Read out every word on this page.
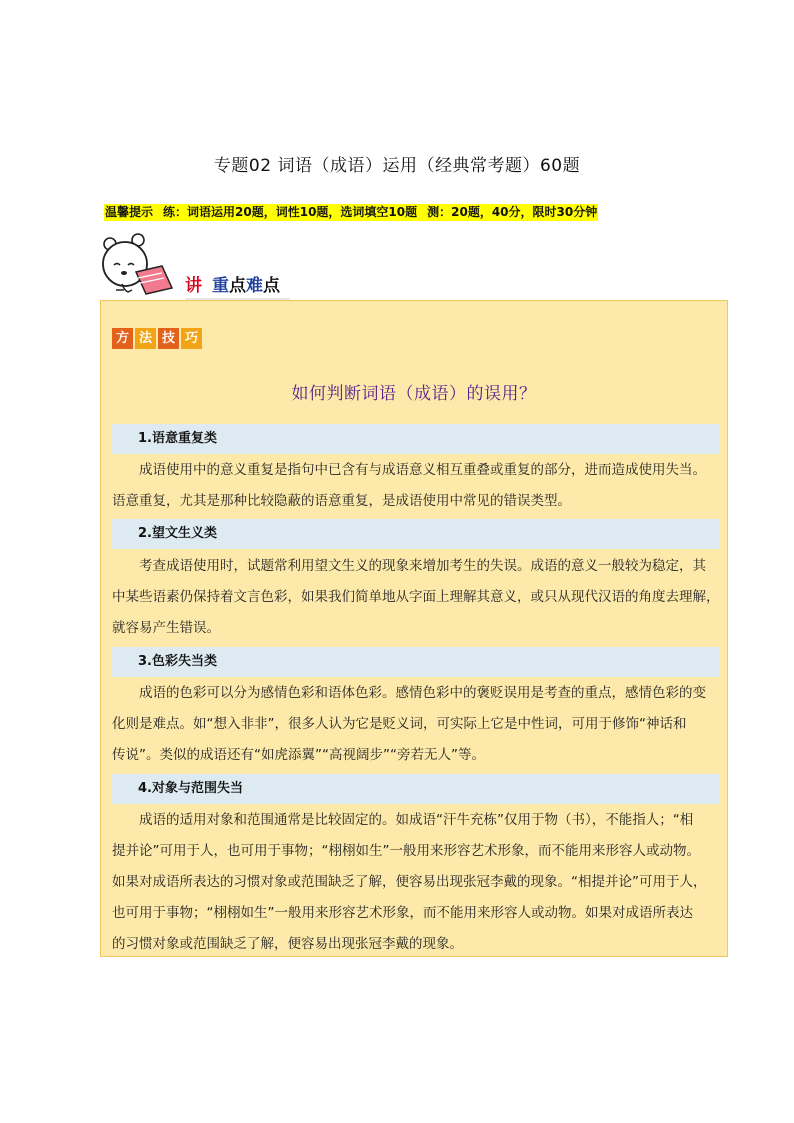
专题02 词语（成语）运用（经典常考题）60题
温馨提示 练：词语运用20题，词性10题，选词填空10题 测：20题，40分，限时30分钟
讲 重点难点
方 法 技 巧
如何判断词语（成语）的误用？
1.语意重复类
成语使用中的意义重复是指句中已含有与成语意义相互重叠或重复的部分，进而造成使用失当。
语意重复，尤其是那种比较隐蔽的语意重复，是成语使用中常见的错误类型。
2.望文生义类
考查成语使用时，试题常利用望文生义的现象来增加考生的失误。成语的意义一般较为稳定，其
中某些语素仍保持着文言色彩，如果我们简单地从字面上理解其意义，或只从现代汉语的角度去理解，
就容易产生错误。
3.色彩失当类
成语的色彩可以分为感情色彩和语体色彩。感情色彩中的褒贬误用是考查的重点，感情色彩的变
化则是难点。如“想入非非”，很多人认为它是贬义词，可实际上它是中性词，可用于修饰“神话和
传说”。类似的成语还有“如虎添翼”“高视阔步”“旁若无人”等。
4.对象与范围失当
成语的适用对象和范围通常是比较固定的。如成语“汗牛充栋”仅用于物（书），不能指人；“相
提并论”可用于人，也可用于事物；“栩栩如生”一般用来形容艺术形象，而不能用来形容人或动物。
如果对成语所表达的习惯对象或范围缺乏了解，便容易出现张冠李戴的现象。“相提并论”可用于人，
也可用于事物；“栩栩如生”一般用来形容艺术形象，而不能用来形容人或动物。如果对成语所表达
的习惯对象或范围缺乏了解，便容易出现张冠李戴的现象。
